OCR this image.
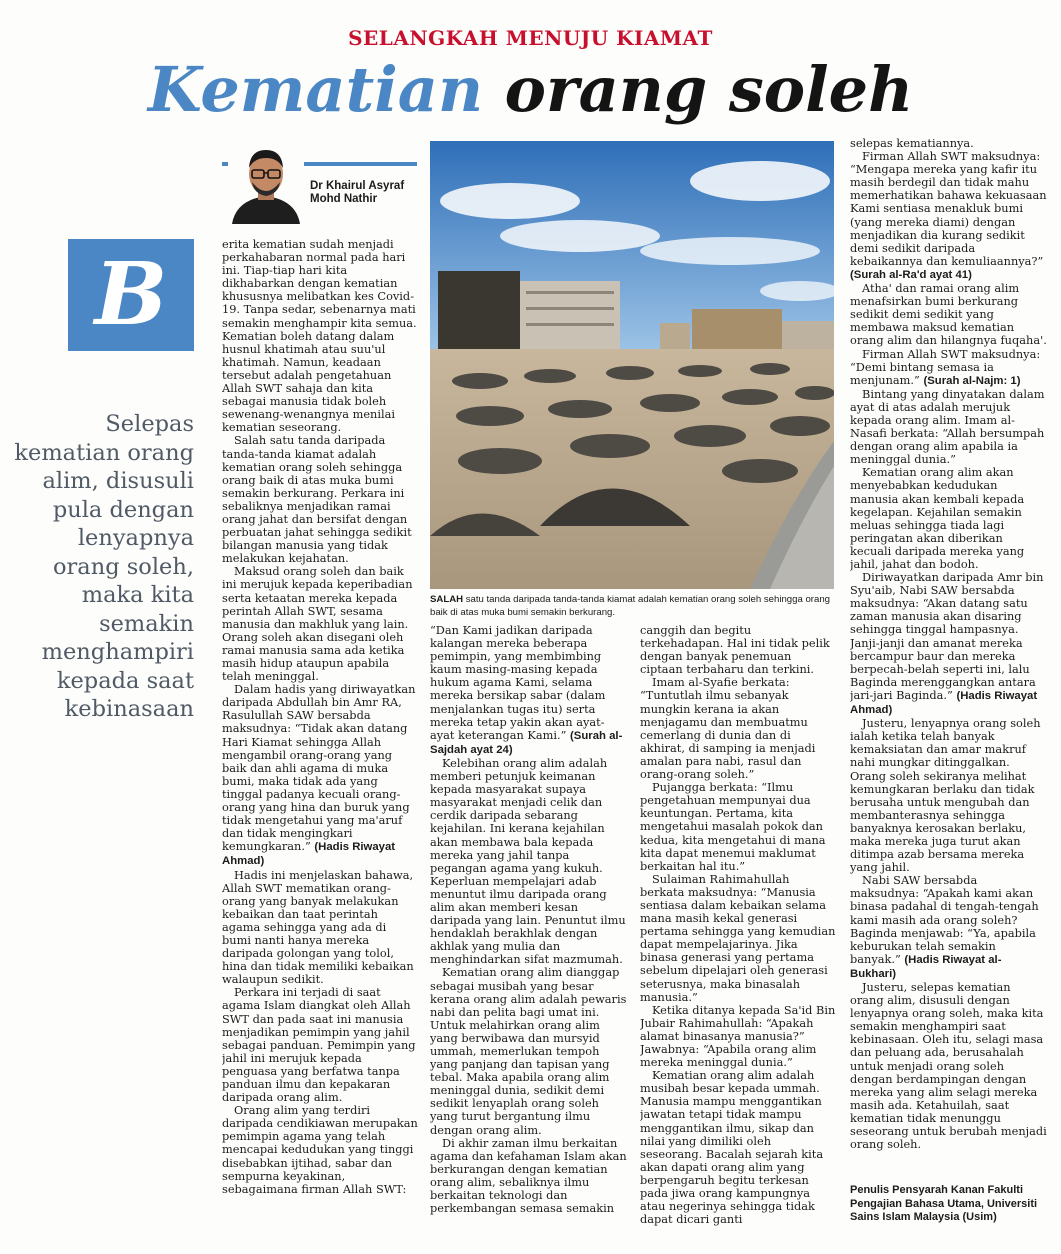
SELANGKAH MENUJU KIAMAT
Kematian orang soleh
Dr Khairul Asyraf Mohd Nathir
B
Selepas kematian orang alim, disusuli pula dengan lenyapnya orang soleh, maka kita semakin menghampiri kepada saat kebinasaan
SALAH satu tanda daripada tanda-tanda kiamat adalah kematian orang soleh sehingga orang baik di atas muka bumi semakin berkurang.

erita kematian sudah menjadi perkahabaran normal pada hari ini. Tiap-tiap hari kita dikhabarkan dengan kematian khususnya melibatkan kes Covid-19. Tanpa sedar, sebenarnya mati semakin menghampir kita semua. Kematian boleh datang dalam husnul khatimah atau suu'ul khatimah. Namun, keadaan tersebut adalah pengetahuan Allah SWT sahaja dan kita sebagai manusia tidak boleh sewenang-wenangnya menilai kematian seseorang.

Salah satu tanda daripada tanda-tanda kiamat adalah kematian orang soleh sehingga orang baik di atas muka bumi semakin berkurang. Perkara ini sebaliknya menjadikan ramai orang jahat dan bersifat dengan perbuatan jahat sehingga sedikit bilangan manusia yang tidak melakukan kejahatan.

Maksud orang soleh dan baik ini merujuk kepada keperibadian serta ketaatan mereka kepada perintah Allah SWT, sesama manusia dan makhluk yang lain. Orang soleh akan disegani oleh ramai manusia sama ada ketika masih hidup ataupun apabila telah meninggal.

Dalam hadis yang diriwayatkan daripada Abdullah bin Amr RA, Rasulullah SAW bersabda maksudnya: “Tidak akan datang Hari Kiamat sehingga Allah mengambil orang-orang yang baik dan ahli agama di muka bumi, maka tidak ada yang tinggal padanya kecuali orang-orang yang hina dan buruk yang tidak mengetahui yang ma'aruf dan tidak mengingkari kemungkaran.” (Hadis Riwayat Ahmad)

Hadis ini menjelaskan bahawa, Allah SWT mematikan orang-orang yang banyak melakukan kebaikan dan taat perintah agama sehingga yang ada di bumi nanti hanya mereka daripada golongan yang tolol, hina dan tidak memiliki kebaikan walaupun sedikit.

Perkara ini terjadi di saat agama Islam diangkat oleh Allah SWT dan pada saat ini manusia menjadikan pemimpin yang jahil sebagai panduan. Pemimpin yang jahil ini merujuk kepada penguasa yang berfatwa tanpa panduan ilmu dan kepakaran daripada orang alim.

Orang alim yang terdiri daripada cendikiawan merupakan pemimpin agama yang telah mencapai kedudukan yang tinggi disebabkan ijtihad, sabar dan sempurna keyakinan, sebagaimana firman Allah SWT:

“Dan Kami jadikan daripada kalangan mereka beberapa pemimpin, yang membimbing kaum masing-masing kepada hukum agama Kami, selama mereka bersikap sabar (dalam menjalankan tugas itu) serta mereka tetap yakin akan ayat-ayat keterangan Kami.” (Surah al-Sajdah ayat 24)

Kelebihan orang alim adalah memberi petunjuk keimanan kepada masyarakat supaya masyarakat menjadi celik dan cerdik daripada sebarang kejahilan. Ini kerana kejahilan akan membawa bala kepada mereka yang jahil tanpa pegangan agama yang kukuh. Keperluan mempelajari adab menuntut ilmu daripada orang alim akan memberi kesan daripada yang lain. Penuntut ilmu hendaklah berakhlak dengan akhlak yang mulia dan menghindarkan sifat mazmumah.

Kematian orang alim dianggap sebagai musibah yang besar kerana orang alim adalah pewaris nabi dan pelita bagi umat ini. Untuk melahirkan orang alim yang berwibawa dan mursyid ummah, memerlukan tempoh yang panjang dan tapisan yang tebal. Maka apabila orang alim meninggal dunia, sedikit demi sedikit lenyaplah orang soleh yang turut bergantung ilmu dengan orang alim.

Di akhir zaman ilmu berkaitan agama dan kefahaman Islam akan berkurangan dengan kematian orang alim, sebaliknya ilmu berkaitan teknologi dan perkembangan semasa semakin

canggih dan begitu terkehadapan. Hal ini tidak pelik dengan banyak penemuan ciptaan terbaharu dan terkini.

Imam al-Syafie berkata: “Tuntutlah ilmu sebanyak mungkin kerana ia akan menjagamu dan membuatmu cemerlang di dunia dan di akhirat, di samping ia menjadi amalan para nabi, rasul dan orang-orang soleh.”

Pujangga berkata: “Ilmu pengetahuan mempunyai dua keuntungan. Pertama, kita mengetahui masalah pokok dan kedua, kita mengetahui di mana kita dapat menemui maklumat berkaitan hal itu.”

Sulaiman Rahimahullah berkata maksudnya: “Manusia sentiasa dalam kebaikan selama mana masih kekal generasi pertama sehingga yang kemudian dapat mempelajarinya. Jika binasa generasi yang pertama sebelum dipelajari oleh generasi seterusnya, maka binasalah manusia.”

Ketika ditanya kepada Sa'id Bin Jubair Rahimahullah: “Apakah alamat binasanya manusia?” Jawabnya: “Apabila orang alim mereka meninggal dunia.”

Kematian orang alim adalah musibah besar kepada ummah. Manusia mampu menggantikan jawatan tetapi tidak mampu menggantikan ilmu, sikap dan nilai yang dimiliki oleh seseorang. Bacalah sejarah kita akan dapati orang alim yang berpengaruh begitu terkesan pada jiwa orang kampungnya atau negerinya sehingga tidak dapat dicari ganti

selepas kematiannya.

Firman Allah SWT maksudnya: “Mengapa mereka yang kafir itu masih berdegil dan tidak mahu memerhatikan bahawa kekuasaan Kami sentiasa menakluk bumi (yang mereka diami) dengan menjadikan dia kurang sedikit demi sedikit daripada kebaikannya dan kemuliaannya?” (Surah al-Ra'd ayat 41)

Atha' dan ramai orang alim menafsirkan bumi berkurang sedikit demi sedikit yang membawa maksud kematian orang alim dan hilangnya fuqaha'.

Firman Allah SWT maksudnya: “Demi bintang semasa ia menjunam.” (Surah al-Najm: 1)

Bintang yang dinyatakan dalam ayat di atas adalah merujuk kepada orang alim. Imam al-Nasafi berkata: “Allah bersumpah dengan orang alim apabila ia meninggal dunia.”

Kematian orang alim akan menyebabkan kedudukan manusia akan kembali kepada kegelapan. Kejahilan semakin meluas sehingga tiada lagi peringatan akan diberikan kecuali daripada mereka yang jahil, jahat dan bodoh.

Diriwayatkan daripada Amr bin Syu'aib, Nabi SAW bersabda maksudnya: “Akan datang satu zaman manusia akan disaring sehingga tinggal hampasnya. Janji-janji dan amanat mereka bercampur baur dan mereka berpecah-belah seperti ini, lalu Baginda merenggangkan antara jari-jari Baginda.” (Hadis Riwayat Ahmad)

Justeru, lenyapnya orang soleh ialah ketika telah banyak kemaksiatan dan amar makruf nahi mungkar ditinggalkan. Orang soleh sekiranya melihat kemungkaran berlaku dan tidak berusaha untuk mengubah dan membanterasnya sehingga banyaknya kerosakan berlaku, maka mereka juga turut akan ditimpa azab bersama mereka yang jahil.

Nabi SAW bersabda maksudnya: “Apakah kami akan binasa padahal di tengah-tengah kami masih ada orang soleh? Baginda menjawab: “Ya, apabila keburukan telah semakin banyak.” (Hadis Riwayat al-Bukhari)

Justeru, selepas kematian orang alim, disusuli dengan lenyapnya orang soleh, maka kita semakin menghampiri saat kebinasaan. Oleh itu, selagi masa dan peluang ada, berusahalah untuk menjadi orang soleh dengan berdampingan dengan mereka yang alim selagi mereka masih ada. Ketahuilah, saat kematian tidak menunggu seseorang untuk berubah menjadi orang soleh.

Penulis Pensyarah Kanan Fakulti Pengajian Bahasa Utama, Universiti Sains Islam Malaysia (Usim)
